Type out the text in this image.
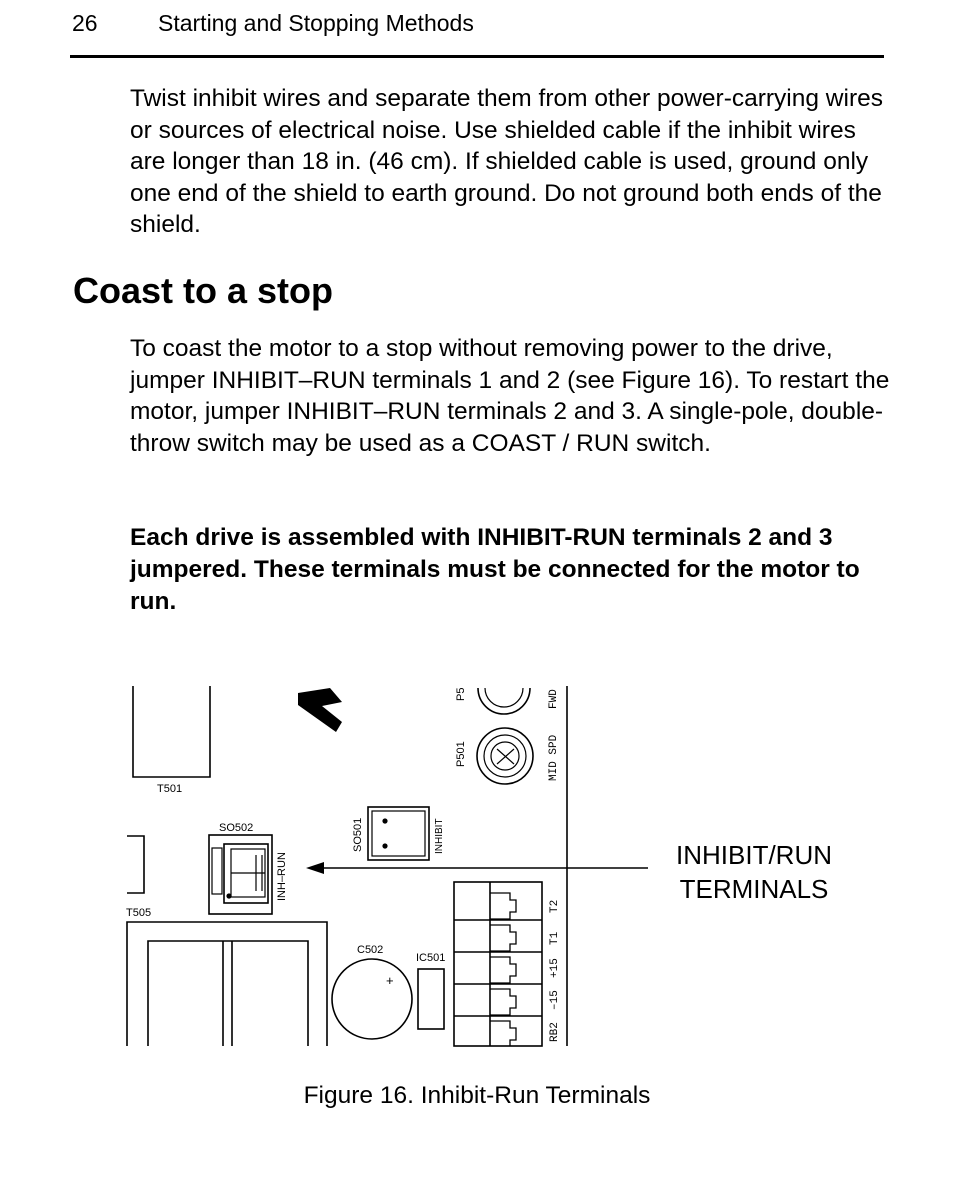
26	Starting and Stopping Methods

Twist inhibit wires and separate them from other power-carrying wires or sources of electrical noise. Use shielded cable if the inhibit wires are longer than 18 in. (46 cm). If shielded cable is used, ground only one end of the shield to earth ground. Do not ground both ends of the shield.

Coast to a stop

To coast the motor to a stop without removing power to the drive, jumper INHIBIT–RUN terminals 1 and 2 (see Figure 16). To restart the motor, jumper INHIBIT–RUN terminals 2 and 3. A single-pole, double-throw switch may be used as a COAST / RUN switch.

Each drive is assembled with INHIBIT-RUN terminals 2 and 3 jumpered. These terminals must be connected for the motor to run.

T501
SO502
T505
C502
IC501
+
INH–RUN
SO501	INHIBIT
P5
P501
FWD
MID SPD
T2
T1
+15
–15
RB2
INHIBIT/RUN
TERMINALS
Figure 16. Inhibit-Run Terminals
